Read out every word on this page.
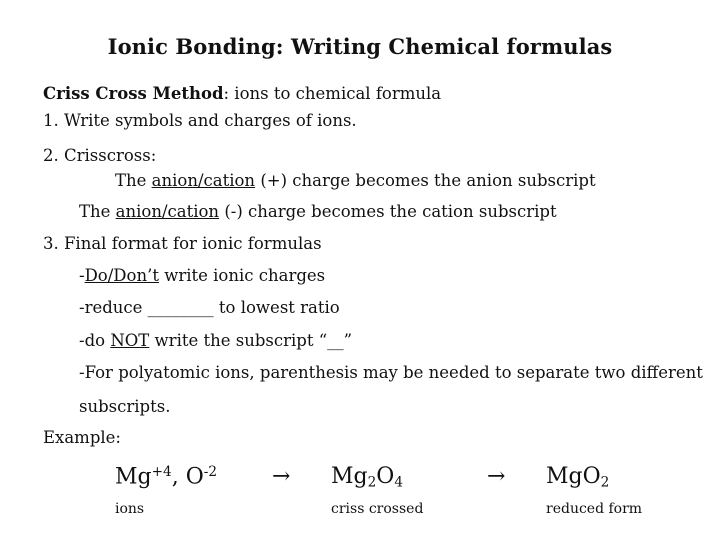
Ionic Bonding: Writing Chemical formulas
Criss Cross Method: ions to chemical formula
1. Write symbols and charges of ions.
2. Crisscross:
The anion/cation (+) charge becomes the anion subscript
The anion/cation (-) charge becomes the cation subscript
3. Final format for ionic formulas
-Do/Don’t write ionic charges
-reduce ________ to lowest ratio
-do NOT write the subscript “__”
-For polyatomic ions, parenthesis may be needed to separate two different
subscripts.
Example:
$Mg^{+4}$, $O^{-2}$
ions
→ $Mg_2O_4$
criss crossed
→ MgO$_2$
reduced form
